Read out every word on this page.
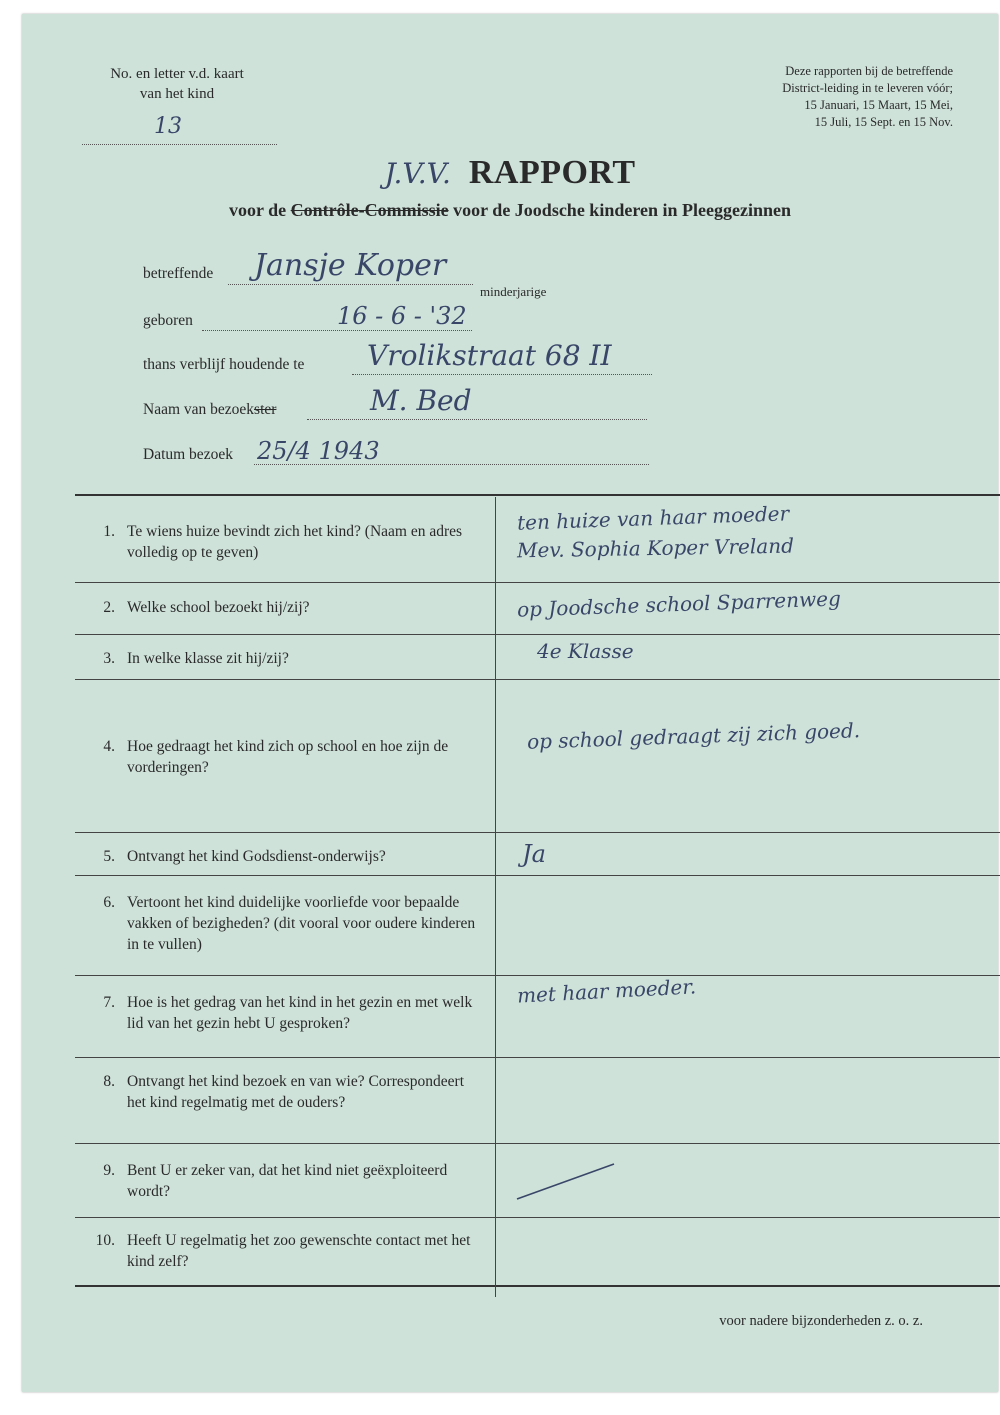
No. en letter v.d. kaart
van het kind
13
Deze rapporten bij de betreffende
District-leiding in te leveren vóór;
15 Januari, 15 Maart, 15 Mei,
15 Juli, 15 Sept. en 15 Nov.
J.V.V. RAPPORT
voor de Contrôle-Commissie voor de Joodsche kinderen in Pleeggezinnen
betreffende Jansje Koper
minderjarige
geboren	16 - 6 - '32
thans verblijf houdende te Vrolikstraat 68 II
Naam van bezoekster	M. Bed
Datum bezoek 25/4 1943
1. Te wiens huize bevindt zich het kind? (Naam en adres volledig op te geven)
ten huize van haar moeder
Mev. Sophia Koper Vreland
2. Welke school bezoekt hij/zij?	op Joodsche school Sparrenweg
3. In welke klasse zit hij/zij?	4e Klasse
4. Hoe gedraagt het kind zich op school en hoe zijn de vorderingen?
op school gedraagt zij zich goed.
5. Ontvangt het kind Godsdienst-onderwijs?	Ja
6. Vertoont het kind duidelijke voorliefde voor bepaalde vakken of bezigheden? (dit vooral voor oudere kinderen in te vullen)
7. Hoe is het gedrag van het kind in het gezin en met welk lid van het gezin hebt U gesproken?
met haar moeder.
8. Ontvangt het kind bezoek en van wie? Correspondeert het kind regelmatig met de ouders?
9. Bent U er zeker van, dat het kind niet geëxploiteerd wordt?
10. Heeft U regelmatig het zoo gewenschte contact met het kind zelf?
voor nadere bijzonderheden z. o. z.
